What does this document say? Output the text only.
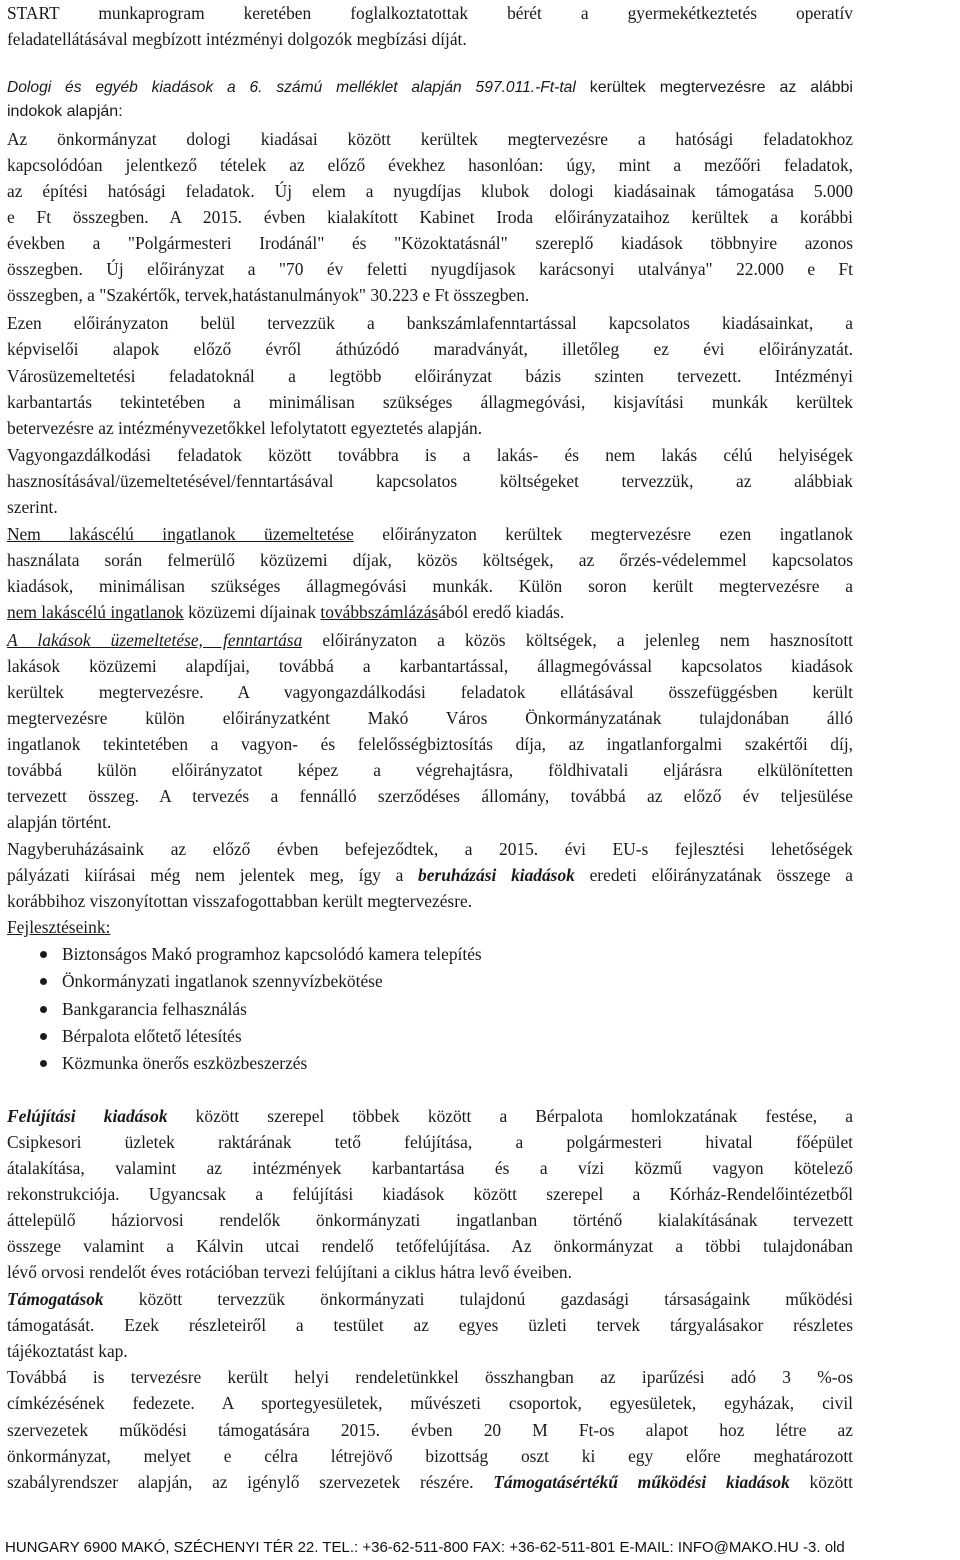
START munkaprogram keretében foglalkoztatottak bérét a gyermekétkeztetés operatív
feladatellátásával megbízott intézményi dolgozók megbízási díját.
Dologi és egyéb kiadások a 6. számú melléklet alapján 597.011.-Ft-tal kerültek megtervezésre az alábbi
indokok alapján:
Az önkormányzat dologi kiadásai között kerültek megtervezésre a hatósági feladatokhoz
kapcsolódóan jelentkező tételek az előző évekhez hasonlóan: úgy, mint a mezőőri feladatok,
az építési hatósági feladatok. Új elem a nyugdíjas klubok dologi kiadásainak támogatása 5.000
e Ft összegben. A 2015. évben kialakított Kabinet Iroda előirányzataihoz kerültek a korábbi
években a "Polgármesteri Irodánál" és "Közoktatásnál" szereplő kiadások többnyire azonos
összegben. Új előirányzat a "70 év feletti nyugdíjasok karácsonyi utalványa" 22.000 e Ft
összegben, a "Szakértők, tervek,hatástanulmányok" 30.223 e Ft összegben.
Ezen előirányzaton belül tervezzük a bankszámlafenntartással kapcsolatos kiadásainkat, a
képviselői alapok előző évről áthúzódó maradványát, illetőleg ez évi előirányzatát.
Városüzemeltetési feladatoknál a legtöbb előirányzat bázis szinten tervezett. Intézményi
karbantartás tekintetében a minimálisan szükséges állagmegóvási, kisjavítási munkák kerültek
betervezésre az intézményvezetőkkel lefolytatott egyeztetés alapján.
Vagyongazdálkodási feladatok között továbbra is a lakás- és nem lakás célú helyiségek
hasznosításával/üzemeltetésével/fenntartásával kapcsolatos költségeket tervezzük, az alábbiak
szerint.
Nem lakáscélú ingatlanok üzemeltetése előirányzaton kerültek megtervezésre ezen ingatlanok
használata során felmerülő közüzemi díjak, közös költségek, az őrzés-védelemmel kapcsolatos
kiadások, minimálisan szükséges állagmegóvási munkák. Külön soron került megtervezésre a
nem lakáscélú ingatlanok közüzemi díjainak továbbszámlázásából eredő kiadás.
A lakások üzemeltetése, fenntartása előirányzaton a közös költségek, a jelenleg nem hasznosított
lakások közüzemi alapdíjai, továbbá a karbantartással, állagmegóvással kapcsolatos kiadások
kerültek megtervezésre. A vagyongazdálkodási feladatok ellátásával összefüggésben került
megtervezésre külön előirányzatként Makó Város Önkormányzatának tulajdonában álló
ingatlanok tekintetében a vagyon- és felelősségbiztosítás díja, az ingatlanforgalmi szakértői díj,
továbbá külön előirányzatot képez a végrehajtásra, földhivatali eljárásra elkülönítetten
tervezett összeg. A tervezés a fennálló szerződéses állomány, továbbá az előző év teljesülése
alapján történt.
Nagyberuházásaink az előző évben befejeződtek, a 2015. évi EU-s fejlesztési lehetőségek
pályázati kiírásai még nem jelentek meg, így a beruházási kiadások eredeti előirányzatának összege a
korábbihoz viszonyítottan visszafogottabban került megtervezésre.
Fejlesztéseink:
Biztonságos Makó programhoz kapcsolódó kamera telepítés
Önkormányzati ingatlanok szennyvízbekötése
Bankgarancia felhasználás
Bérpalota előtető létesítés
Közmunka önerős eszközbeszerzés
Felújítási kiadások között szerepel többek között a Bérpalota homlokzatának festése, a
Csipkesori üzletek raktárának tető felújítása, a polgármesteri hivatal főépület
átalakítása, valamint az intézmények karbantartása és a vízi közmű vagyon kötelező
rekonstrukciója. Ugyancsak a felújítási kiadások között szerepel a Kórház-Rendelőintézetből
áttelepülő háziorvosi rendelők önkormányzati ingatlanban történő kialakításának tervezett
összege valamint a Kálvin utcai rendelő tetőfelújítása. Az önkormányzat a többi tulajdonában
lévő orvosi rendelőt éves rotációban tervezi felújítani a ciklus hátra levő éveiben.
Támogatások között tervezzük önkormányzati tulajdonú gazdasági társaságaink működési
támogatását. Ezek részleteiről a testület az egyes üzleti tervek tárgyalásakor részletes
tájékoztatást kap.
Továbbá is tervezésre került helyi rendeletünkkel összhangban az iparűzési adó 3 %-os
címkézésének fedezete. A sportegyesületek, művészeti csoportok, egyesületek, egyházak, civil
szervezetek működési támogatására 2015. évben 20 M Ft-os alapot hoz létre az
önkormányzat, melyet e célra létrejövő bizottság oszt ki egy előre meghatározott
szabályrendszer alapján, az igénylő szervezetek részére. Támogatásértékű működési kiadások között
HUNGARY 6900 MAKÓ, SZÉCHENYI TÉR 22. TEL.: +36-62-511-800 FAX: +36-62-511-801 E-MAIL: INFO@MAKO.HU -3. old
